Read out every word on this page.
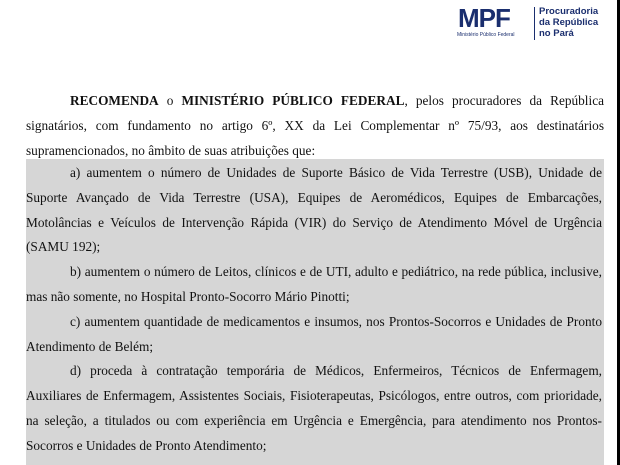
MPF
Ministério Público Federal
Procuradoria
da República
no Pará

RECOMENDA o MINISTÉRIO PÚBLICO FEDERAL, pelos procuradores da República signatários, com fundamento no artigo 6º, XX da Lei Complementar nº 75/93, aos destinatários supramencionados, no âmbito de suas atribuições que:

a) aumentem o número de Unidades de Suporte Básico de Vida Terrestre (USB), Unidade de Suporte Avançado de Vida Terrestre (USA), Equipes de Aeromédicos, Equipes de Embarcações, Motolâncias e Veículos de Intervenção Rápida (VIR) do Serviço de Atendimento Móvel de Urgência (SAMU 192);

b) aumentem o número de Leitos, clínicos e de UTI, adulto e pediátrico, na rede pública, inclusive, mas não somente, no Hospital Pronto-Socorro Mário Pinotti;

c) aumentem quantidade de medicamentos e insumos, nos Prontos-Socorros e Unidades de Pronto Atendimento de Belém;

d) proceda à contratação temporária de Médicos, Enfermeiros, Técnicos de Enfermagem, Auxiliares de Enfermagem, Assistentes Sociais, Fisioterapeutas, Psicólogos, entre outros, com prioridade, na seleção, a titulados ou com experiência em Urgência e Emergência, para atendimento nos Prontos-Socorros e Unidades de Pronto Atendimento;
